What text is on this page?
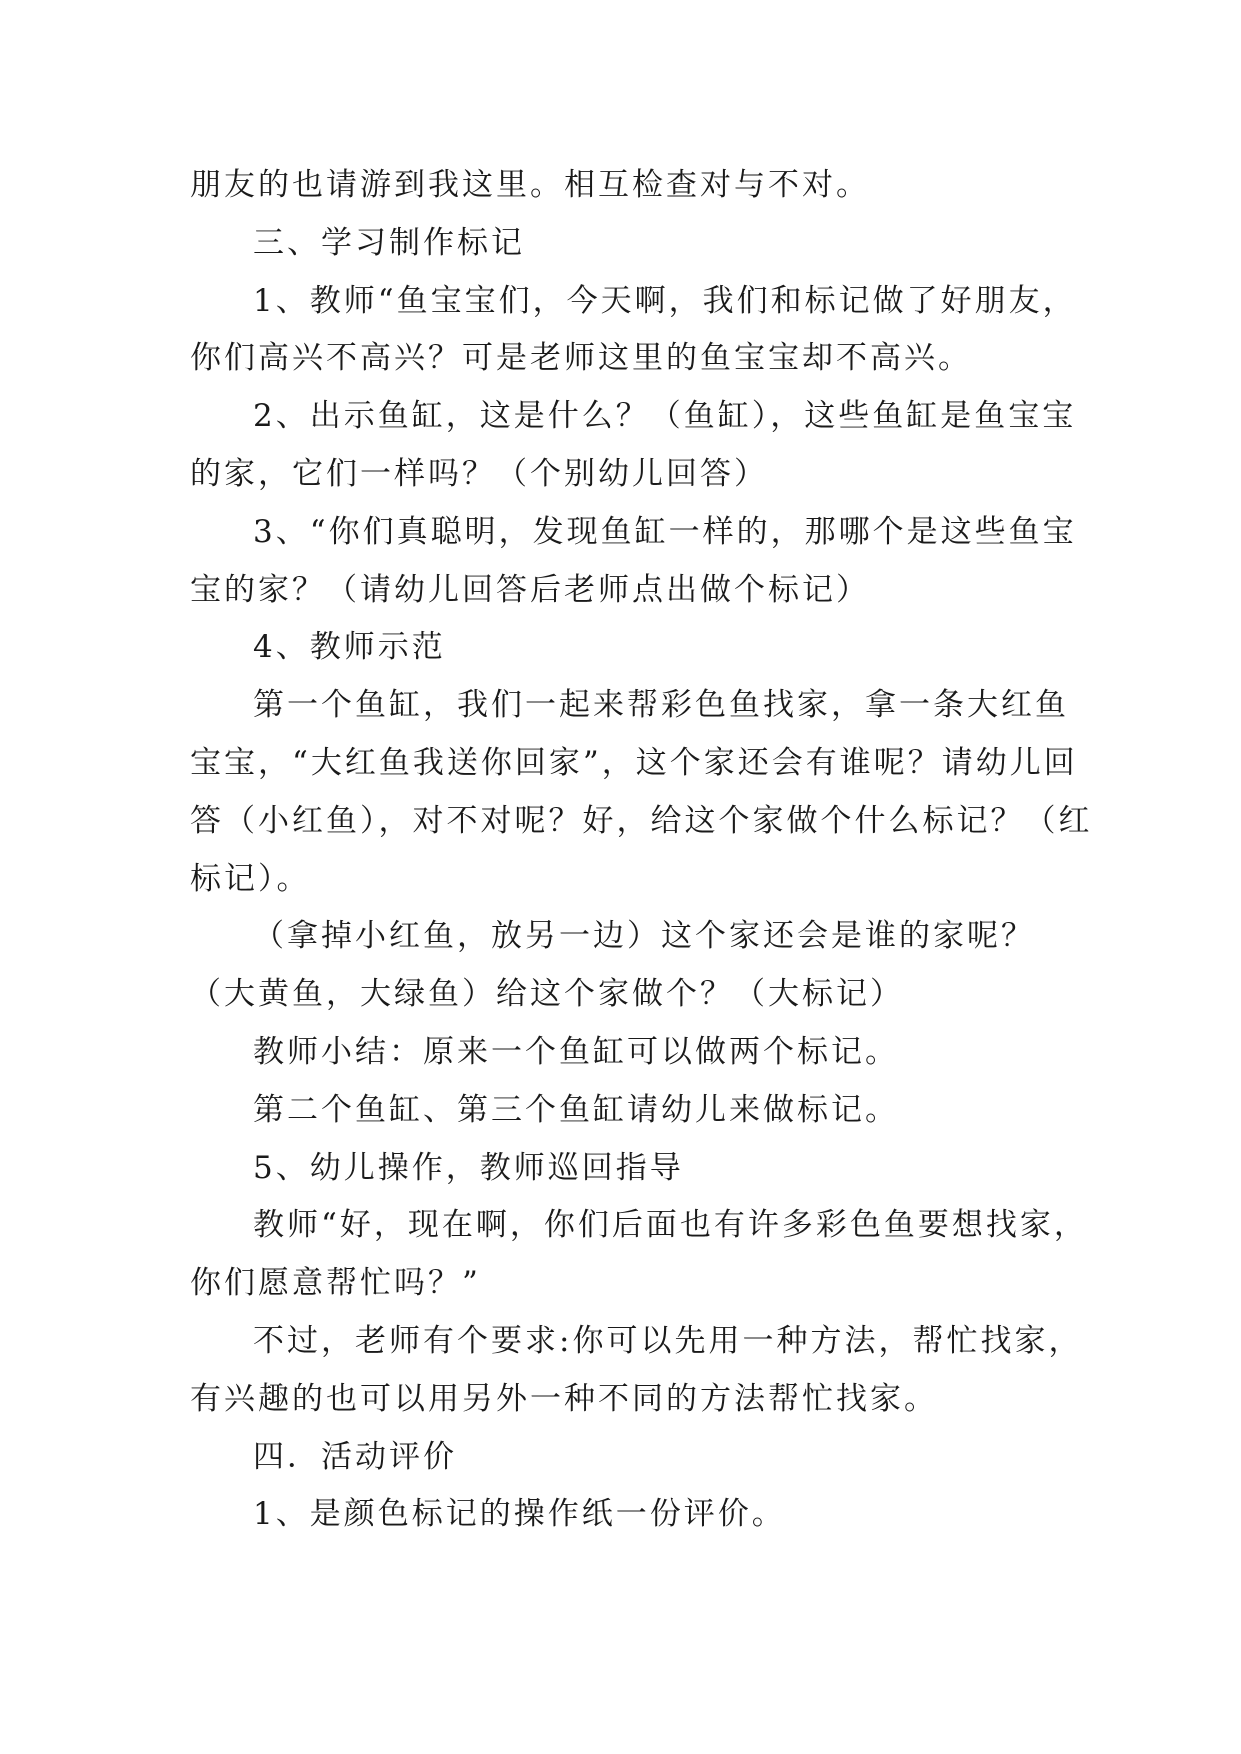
朋友的也请游到我这里。相互检查对与不对。

三、学习制作标记

1、教师“鱼宝宝们，今天啊，我们和标记做了好朋友，

你们高兴不高兴？可是老师这里的鱼宝宝却不高兴。

2、出示鱼缸，这是什么？（鱼缸），这些鱼缸是鱼宝宝

的家，它们一样吗？（个别幼儿回答）

3、“你们真聪明，发现鱼缸一样的，那哪个是这些鱼宝

宝的家？（请幼儿回答后老师点出做个标记）

4、教师示范

第一个鱼缸，我们一起来帮彩色鱼找家，拿一条大红鱼

宝宝，“大红鱼我送你回家”，这个家还会有谁呢？请幼儿回

答（小红鱼），对不对呢？好，给这个家做个什么标记？（红

标记）。

（拿掉小红鱼，放另一边）这个家还会是谁的家呢？

（大黄鱼，大绿鱼）给这个家做个？（大标记）

教师小结：原来一个鱼缸可以做两个标记。

第二个鱼缸、第三个鱼缸请幼儿来做标记。

5、幼儿操作，教师巡回指导

教师“好，现在啊，你们后面也有许多彩色鱼要想找家，

你们愿意帮忙吗？”

不过，老师有个要求:你可以先用一种方法，帮忙找家，

有兴趣的也可以用另外一种不同的方法帮忙找家。

四．活动评价

1、是颜色标记的操作纸一份评价。
